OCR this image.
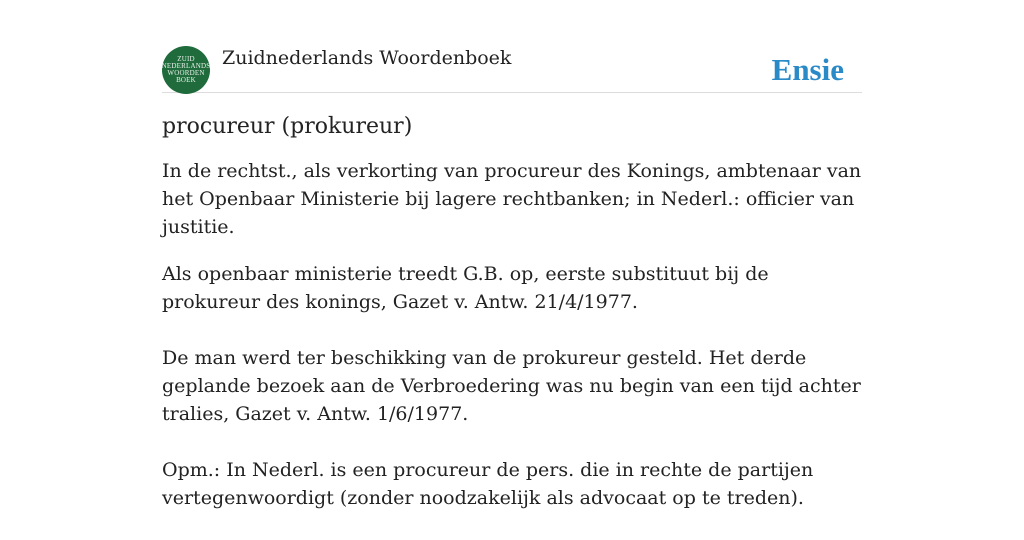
ZUID
NEDERLANDS
WOORDEN
BOEK
Zuidnederlands Woordenboek	Ensie
procureur (prokureur)

In de rechtst., als verkorting van procureur des Konings, ambtenaar van het Openbaar Ministerie bij lagere rechtbanken; in Nederl.: officier van justitie.

Als openbaar ministerie treedt G.B. op, eerste substituut bij de prokureur des konings, Gazet v. Antw. 21/4/1977.

De man werd ter beschikking van de prokureur gesteld. Het derde geplande bezoek aan de Verbroedering was nu begin van een tijd achter tralies, Gazet v. Antw. 1/6/1977.

Opm.: In Nederl. is een procureur de pers. die in rechte de partijen vertegenwoordigt (zonder noodzakelijk als advocaat op te treden).
